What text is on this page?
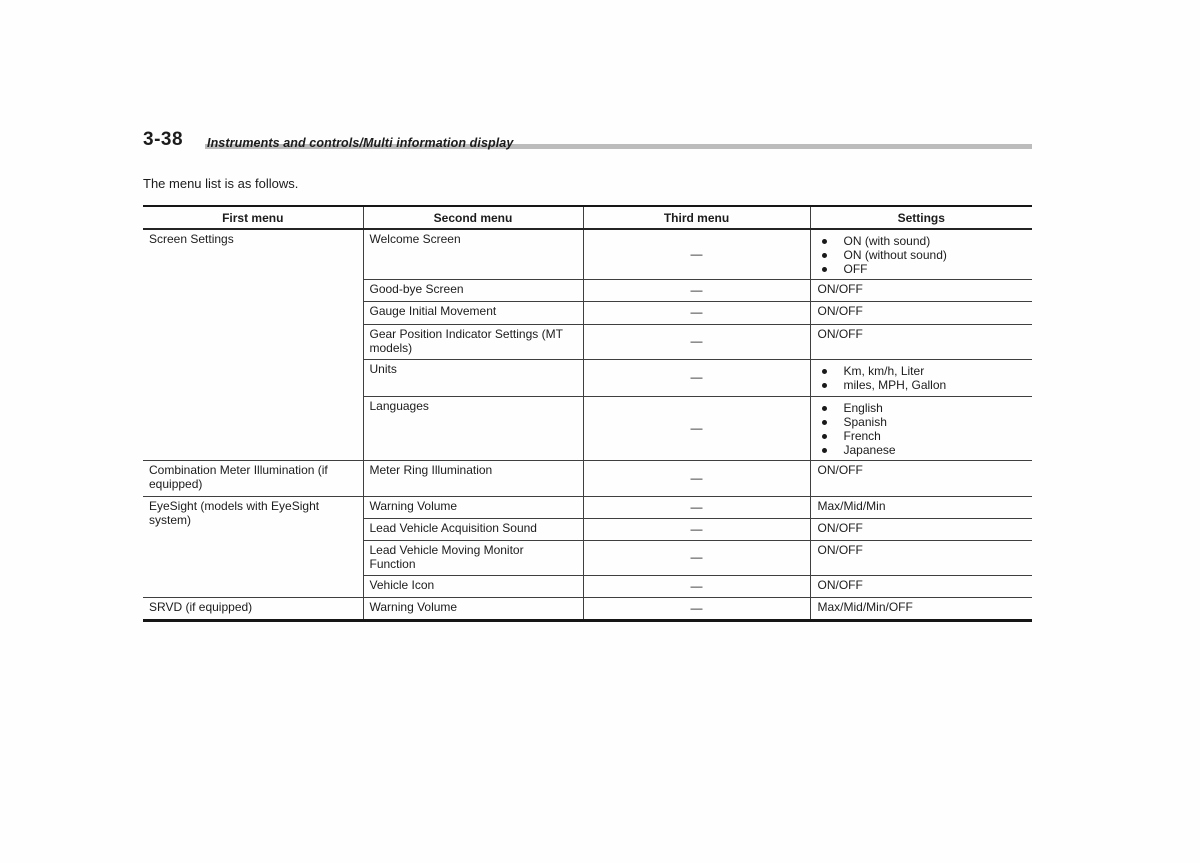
3-38 Instruments and controls/Multi information display

The menu list is as follows.

First menu	Second menu	Third menu	Settings
Screen Settings	Welcome Screen	—	ON (with sound)
ON (without sound)
OFF

	Good-bye Screen	—	ON/OFF
	Gauge Initial Movement	—	ON/OFF
	Gear Position Indicator Settings (MT models)	—	ON/OFF
	Units	—	Km, km/h, Liter
miles, MPH, Gallon

	Languages	—	English
Spanish
French
Japanese

Combination Meter Illumination (if equipped)	Meter Ring Illumination	—	ON/OFF
EyeSight (models with EyeSight system)	Warning Volume	—	Max/Mid/Min
	Lead Vehicle Acquisition Sound	—	ON/OFF
	Lead Vehicle Moving Monitor Function	—	ON/OFF
	Vehicle Icon	—	ON/OFF
SRVD (if equipped)	Warning Volume	—	Max/Mid/Min/OFF
